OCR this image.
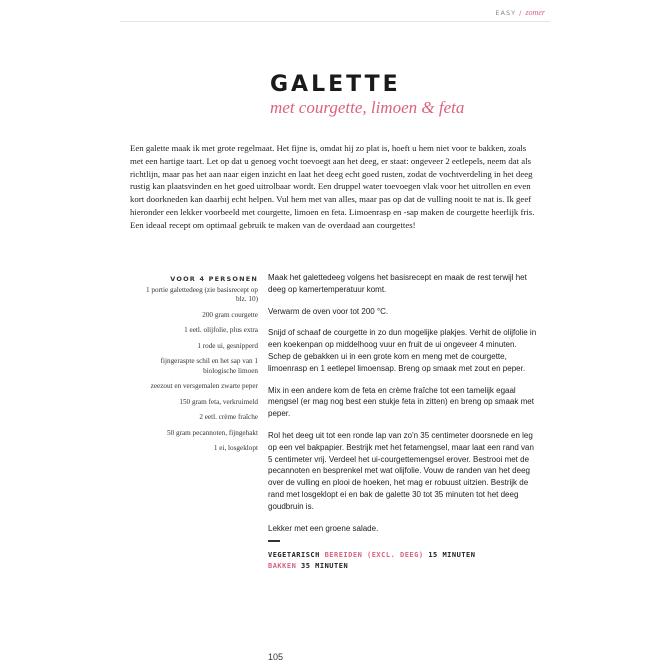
EASY / zomer
GALETTE
met courgette, limoen & feta
Een galette maak ik met grote regelmaat. Het fijne is, omdat hij zo plat is, hoeft u hem niet voor te bakken, zoals met een hartige taart. Let op dat u genoeg vocht toevoegt aan het deeg, er staat: ongeveer 2 eetlepels, neem dat als richtlijn, maar pas het aan naar eigen inzicht en laat het deeg echt goed rusten, zodat de vochtverdeling in het deeg rustig kan plaatsvinden en het goed uitrolbaar wordt. Een druppel water toevoegen vlak voor het uitrollen en even kort doorkneden kan daarbij echt helpen. Vul hem met van alles, maar pas op dat de vulling nooit te nat is. Ik geef hieronder een lekker voorbeeld met courgette, limoen en feta. Limoenrasp en -sap maken de courgette heerlijk fris. Een ideaal recept om optimaal gebruik te maken van de overdaad aan courgettes!
VOOR 4 PERSONEN
1 portie galettedeeg (zie basisrecept op blz. 10)
200 gram courgette
1 eetl. olijfolie, plus extra
1 rode ui, gesnipperd
fijngeraspte schil en het sap van 1 biologische limoen
zeezout en versgemalen zwarte peper
150 gram feta, verkruimeld
2 eetl. crème fraîche
50 gram pecannoten, fijngehakt
1 ei, losgeklopt

Maak het galettedeeg volgens het basisrecept en maak de rest terwijl het deeg op kamertemperatuur komt.

Verwarm de oven voor tot 200 °C.

Snijd of schaaf de courgette in zo dun mogelijke plakjes. Verhit de olijfolie in een koekenpan op middelhoog vuur en fruit de ui ongeveer 4 minuten. Schep de gebakken ui in een grote kom en meng met de courgette, limoenrasp en 1 eetlepel limoensap. Breng op smaak met zout en peper.

Mix in een andere kom de feta en crème fraîche tot een tamelijk egaal mengsel (er mag nog best een stukje feta in zitten) en breng op smaak met peper.

Rol het deeg uit tot een ronde lap van zo'n 35 centimeter doorsnede en leg op een vel bakpapier. Bestrijk met het fetamengsel, maar laat een rand van 5 centimeter vrij. Verdeel het ui-courgettemengsel erover. Bestrooi met de pecannoten en besprenkel met wat olijfolie. Vouw de randen van het deeg over de vulling en plooi de hoeken, het mag er robuust uitzien. Bestrijk de rand met losgeklopt ei en bak de galette 30 tot 35 minuten tot het deeg goudbruin is.

Lekker met een groene salade.

VEGETARISCH BEREIDEN (EXCL. DEEG) 15 MINUTEN
BAKKEN 35 MINUTEN
105
